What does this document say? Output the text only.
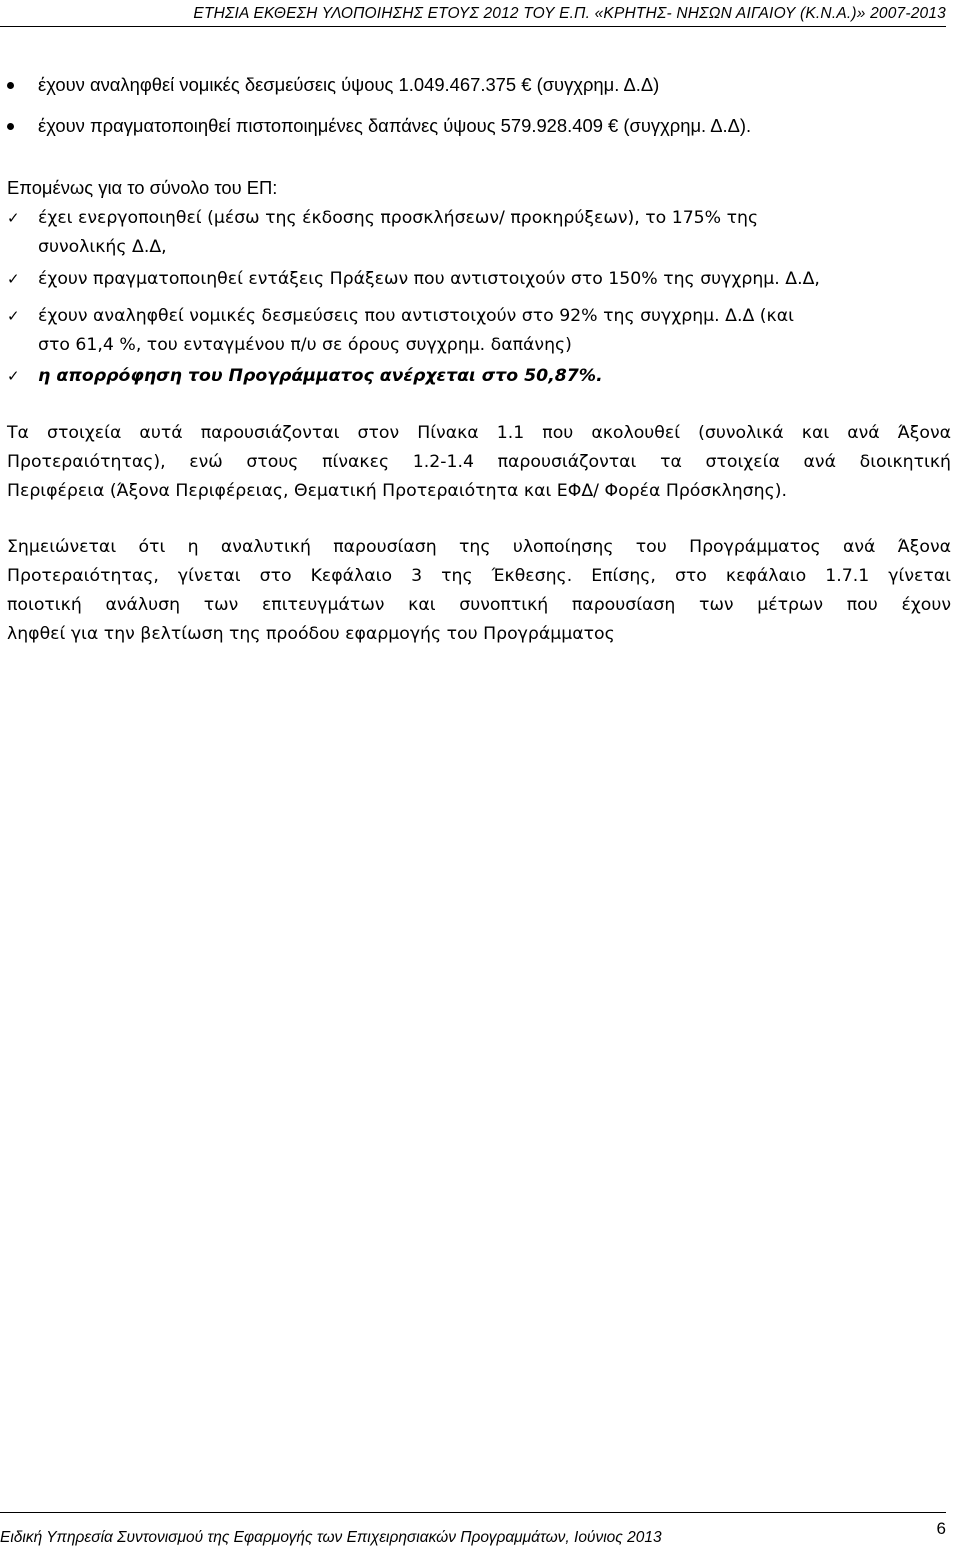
ΕΤΗΣΙΑ ΕΚΘΕΣΗ ΥΛΟΠΟΙΗΣΗΣ ΕΤΟΥΣ 2012 ΤΟΥ Ε.Π. «ΚΡΗΤΗΣ- ΝΗΣΩΝ ΑΙΓΑΙΟΥ (Κ.Ν.Α.)» 2007-2013
έχουν αναληφθεί νομικές δεσμεύσεις ύψους 1.049.467.375 € (συγχρημ. Δ.Δ)
έχουν πραγματοποιηθεί πιστοποιημένες δαπάνες ύψους 579.928.409 € (συγχρημ. Δ.Δ).
Επομένως για το σύνολο του ΕΠ:
✓ έχει ενεργοποιηθεί (μέσω της έκδοσης προσκλήσεων/ προκηρύξεων), το 175% της
συνολικής Δ.Δ,
✓ έχουν πραγματοποιηθεί εντάξεις Πράξεων που αντιστοιχούν στο 150% της συγχρημ. Δ.Δ,
✓ έχουν αναληφθεί νομικές δεσμεύσεις που αντιστοιχούν στο 92% της συγχρημ. Δ.Δ (και
στο 61,4 %, του ενταγμένου π/υ σε όρους συγχρημ. δαπάνης)
✓ η απορρόφηση του Προγράμματος ανέρχεται στο 50,87%.
Τα στοιχεία αυτά παρουσιάζονται στον Πίνακα 1.1 που ακολουθεί (συνολικά και ανά Άξονα
Προτεραιότητας), ενώ στους πίνακες 1.2-1.4 παρουσιάζονται τα στοιχεία ανά διοικητική
Περιφέρεια (Άξονα Περιφέρειας, Θεματική Προτεραιότητα και ΕΦΔ/ Φορέα Πρόσκλησης).
Σημειώνεται ότι η αναλυτική παρουσίαση της υλοποίησης του Προγράμματος ανά Άξονα
Προτεραιότητας, γίνεται στο Κεφάλαιο 3 της Έκθεσης. Επίσης, στο κεφάλαιο 1.7.1 γίνεται
ποιοτική ανάλυση των επιτευγμάτων και συνοπτική παρουσίαση των μέτρων που έχουν
ληφθεί για την βελτίωση της προόδου εφαρμογής του Προγράμματος
Ειδική Υπηρεσία Συντονισμού της Εφαρμογής των Επιχειρησιακών Προγραμμάτων, Ιούνιος 2013	6
